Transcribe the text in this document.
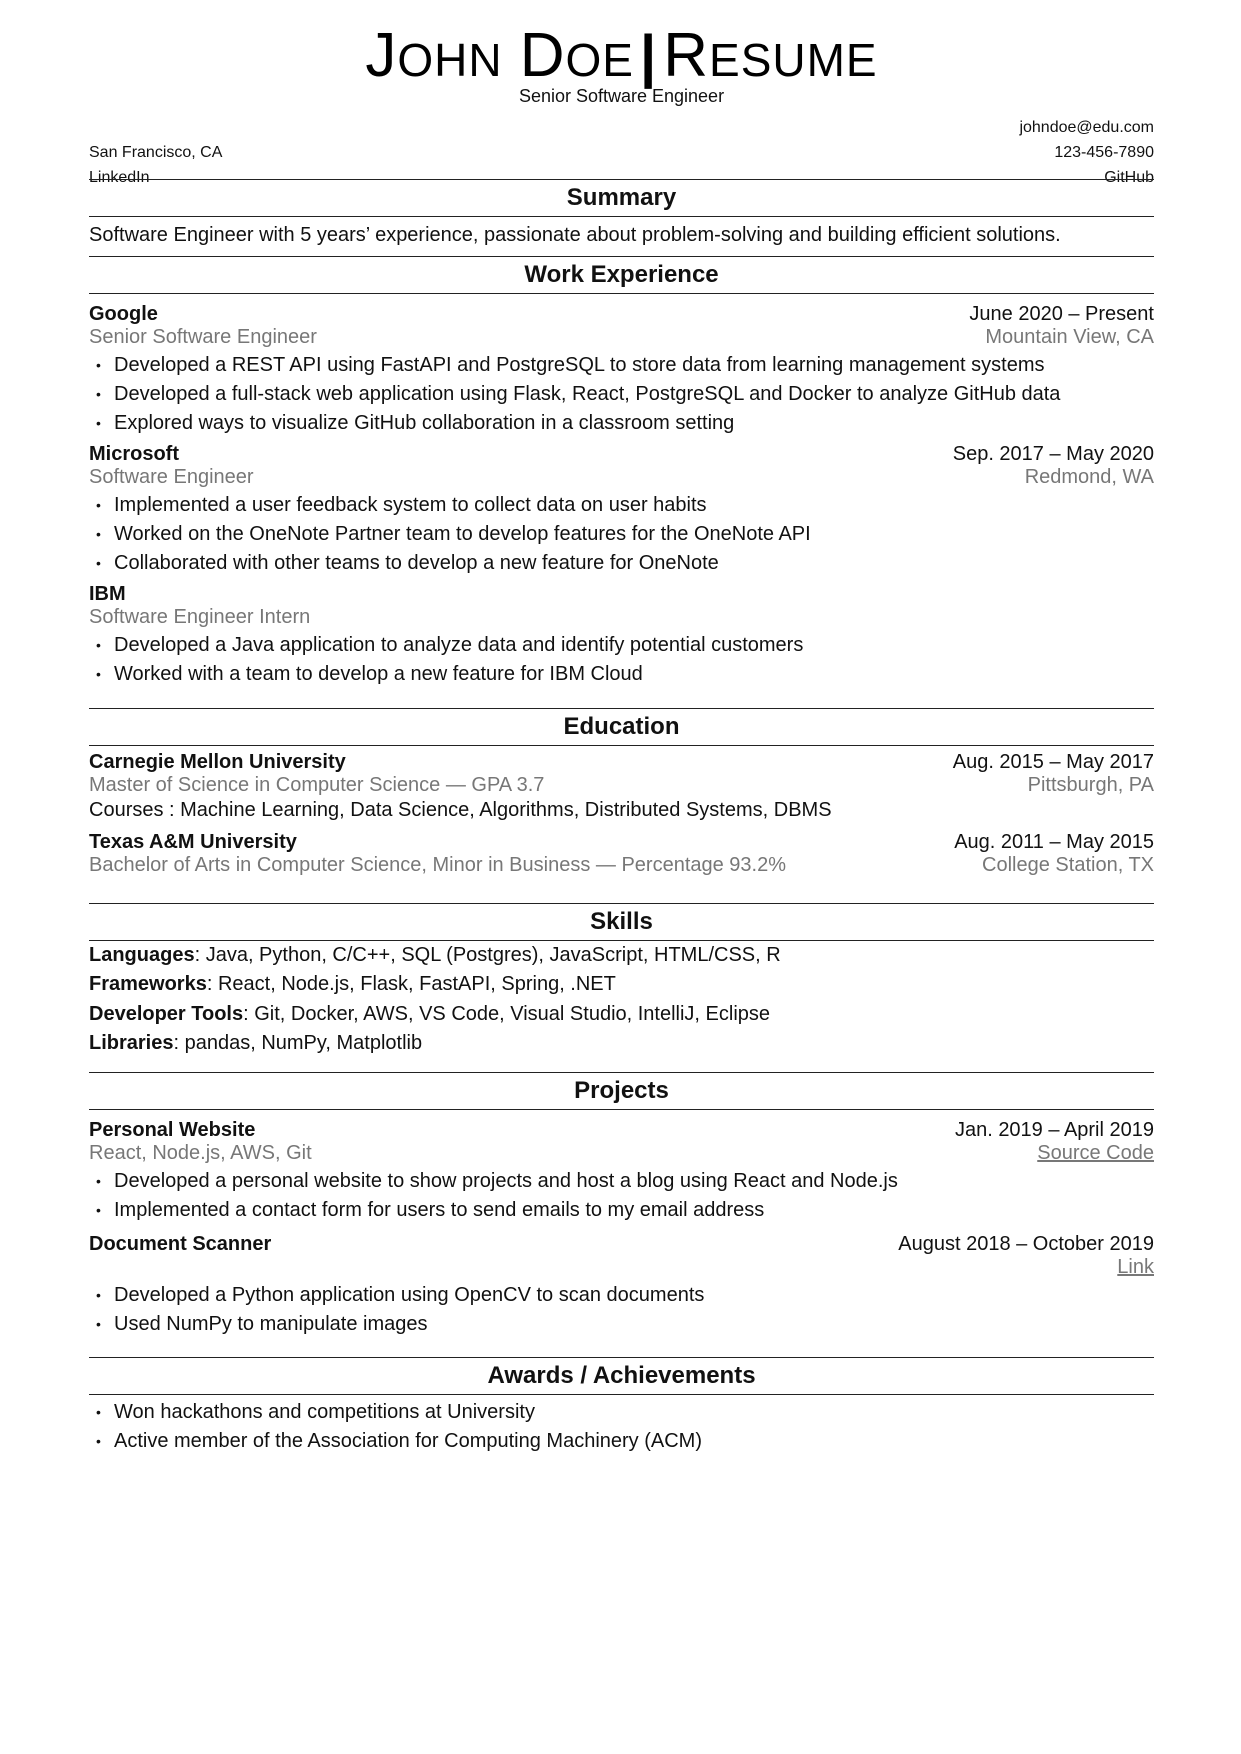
JOHN DOE |RESUME
Senior Software Engineer
San Francisco, CA
LinkedIn
johndoe@edu.com
123-456-7890
GitHub
Summary
Software Engineer with 5 years’ experience, passionate about problem-solving and building efficient solutions.
Work Experience
Google	June 2020 – Present
Senior Software Engineer	Mountain View, CA
• Developed a REST API using FastAPI and PostgreSQL to store data from learning management systems
• Developed a full-stack web application using Flask, React, PostgreSQL and Docker to analyze GitHub data
• Explored ways to visualize GitHub collaboration in a classroom setting
Microsoft	Sep. 2017 – May 2020
Software Engineer	Redmond, WA
• Implemented a user feedback system to collect data on user habits
• Worked on the OneNote Partner team to develop features for the OneNote API
• Collaborated with other teams to develop a new feature for OneNote
IBM
Software Engineer Intern
• Developed a Java application to analyze data and identify potential customers
• Worked with a team to develop a new feature for IBM Cloud
Education
Carnegie Mellon University	Aug. 2015 – May 2017
Master of Science in Computer Science — GPA 3.7	Pittsburgh, PA
Courses : Machine Learning, Data Science, Algorithms, Distributed Systems, DBMS
Texas A&M University	Aug. 2011 – May 2015
Bachelor of Arts in Computer Science, Minor in Business — Percentage 93.2%	College Station, TX
Skills
Languages: Java, Python, C/C++, SQL (Postgres), JavaScript, HTML/CSS, R
Frameworks: React, Node.js, Flask, FastAPI, Spring, .NET
Developer Tools: Git, Docker, AWS, VS Code, Visual Studio, IntelliJ, Eclipse
Libraries: pandas, NumPy, Matplotlib
Projects
Personal Website	Jan. 2019 – April 2019
React, Node.js, AWS, Git	Source Code
• Developed a personal website to show projects and host a blog using React and Node.js
• Implemented a contact form for users to send emails to my email address
Document Scanner	August 2018 – October 2019
Link
• Developed a Python application using OpenCV to scan documents
• Used NumPy to manipulate images
Awards / Achievements
• Won hackathons and competitions at University
• Active member of the Association for Computing Machinery (ACM)
